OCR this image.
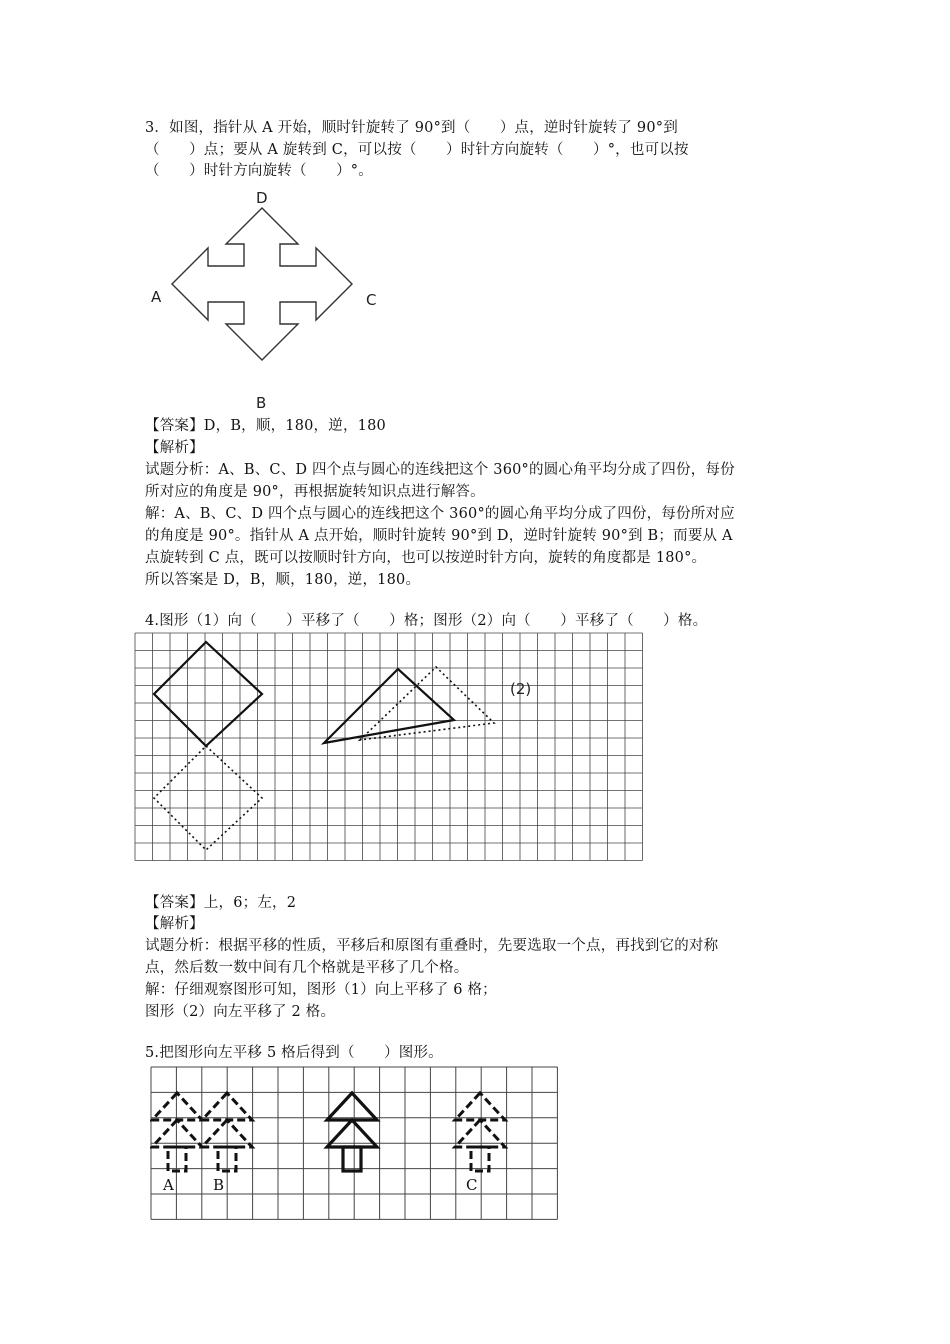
3．如图，指针从 A 开始，顺时针旋转了 90°到（　　）点，逆时针旋转了 90°到
（　　）点；要从 A 旋转到 C，可以按（　　）时针方向旋转（　　）°，也可以按
（　　）时针方向旋转（　　）°。
D
A	C
B
【答案】D，B，顺，180，逆，180
【解析】
试题分析：A、B、C、D 四个点与圆心的连线把这个 360°的圆心角平均分成了四份，每份
所对应的角度是 90°，再根据旋转知识点进行解答。
解：A、B、C、D 四个点与圆心的连线把这个 360°的圆心角平均分成了四份，每份所对应
的角度是 90°。指针从 A 点开始，顺时针旋转 90°到 D，逆时针旋转 90°到 B；而要从 A
点旋转到 C 点，既可以按顺时针方向，也可以按逆时针方向，旋转的角度都是 180°。
所以答案是 D，B，顺，180，逆，180。
4.图形（1）向（　　）平移了（　　）格；图形（2）向（　　）平移了（　　）格。
(2)
【答案】上，6；左，2
【解析】
试题分析：根据平移的性质，平移后和原图有重叠时，先要选取一个点，再找到它的对称
点，然后数一数中间有几个格就是平移了几个格。
解：仔细观察图形可知，图形（1）向上平移了 6 格；
图形（2）向左平移了 2 格。
5.把图形向左平移 5 格后得到（　　）图形。
A	B	C
